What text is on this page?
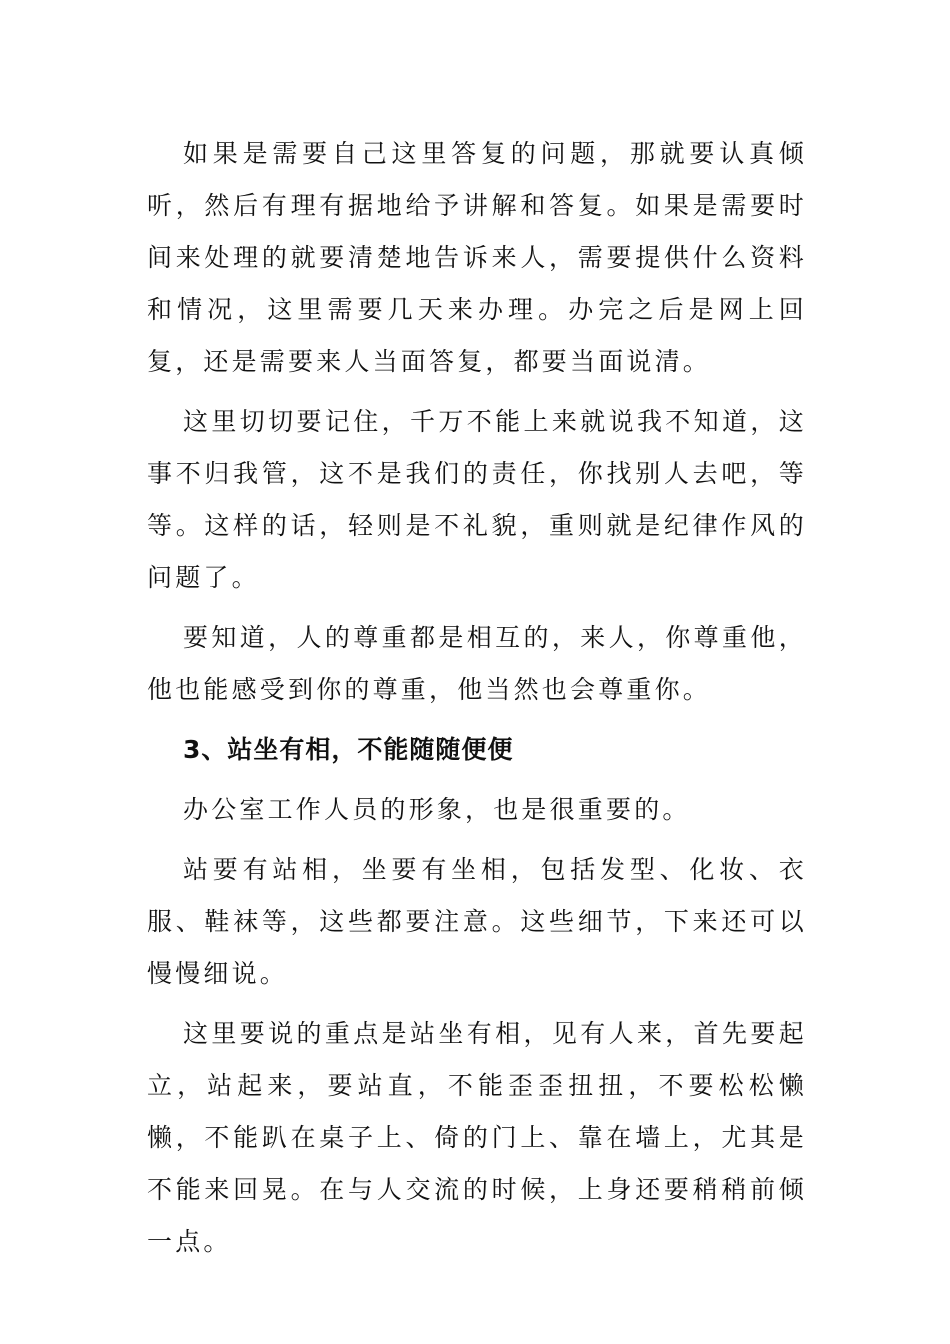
如果是需要自己这里答复的问题，那就要认真倾听，然后有理有据地给予讲解和答复。如果是需要时间来处理的就要清楚地告诉来人，需要提供什么资料和情况，这里需要几天来办理。办完之后是网上回复，还是需要来人当面答复，都要当面说清。

这里切切要记住，千万不能上来就说我不知道，这事不归我管，这不是我们的责任，你找别人去吧，等等。这样的话，轻则是不礼貌，重则就是纪律作风的问题了。

要知道，人的尊重都是相互的，来人，你尊重他，他也能感受到你的尊重，他当然也会尊重你。

3、站坐有相，不能随随便便

办公室工作人员的形象，也是很重要的。

站要有站相，坐要有坐相，包括发型、化妆、衣服、鞋袜等，这些都要注意。这些细节，下来还可以慢慢细说。

这里要说的重点是站坐有相，见有人来，首先要起立，站起来，要站直，不能歪歪扭扭，不要松松懒懒，不能趴在桌子上、倚的门上、靠在墙上，尤其是不能来回晃。在与人交流的时候，上身还要稍稍前倾一点。
